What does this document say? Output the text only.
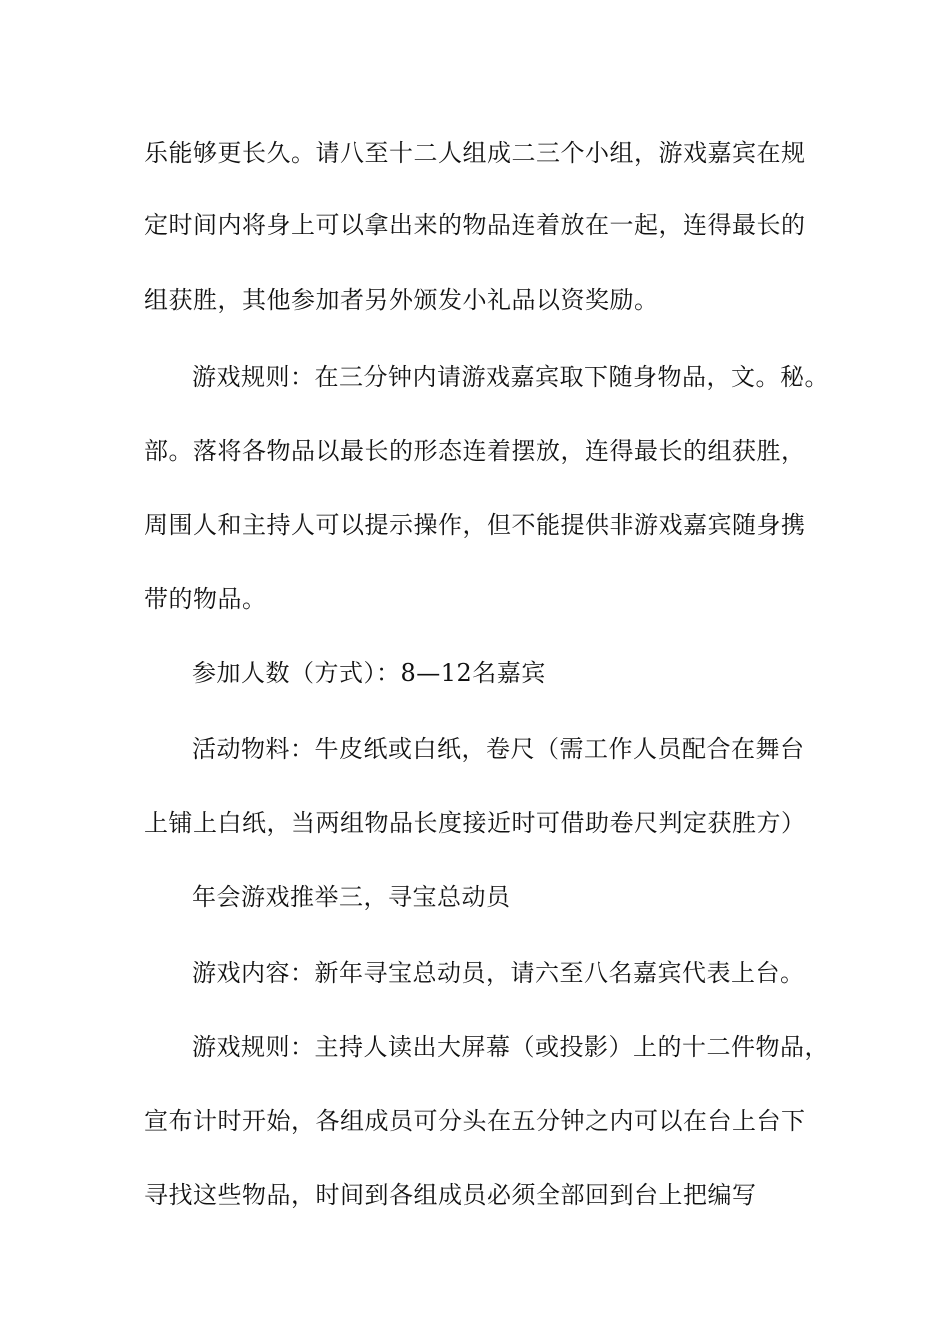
乐能够更长久。请八至十二人组成二三个小组，游戏嘉宾在规
定时间内将身上可以拿出来的物品连着放在一起，连得最长的
组获胜，其他参加者另外颁发小礼品以资奖励。
游戏规则：在三分钟内请游戏嘉宾取下随身物品，文。秘。
部。落将各物品以最长的形态连着摆放，连得最长的组获胜，
周围人和主持人可以提示操作，但不能提供非游戏嘉宾随身携
带的物品。
参加人数（方式）：8—12名嘉宾
活动物料：牛皮纸或白纸，卷尺（需工作人员配合在舞台
上铺上白纸，当两组物品长度接近时可借助卷尺判定获胜方）
年会游戏推举三，寻宝总动员
游戏内容：新年寻宝总动员，请六至八名嘉宾代表上台。
游戏规则：主持人读出大屏幕（或投影）上的十二件物品，
宣布计时开始，各组成员可分头在五分钟之内可以在台上台下
寻找这些物品，时间到各组成员必须全部回到台上把编写
